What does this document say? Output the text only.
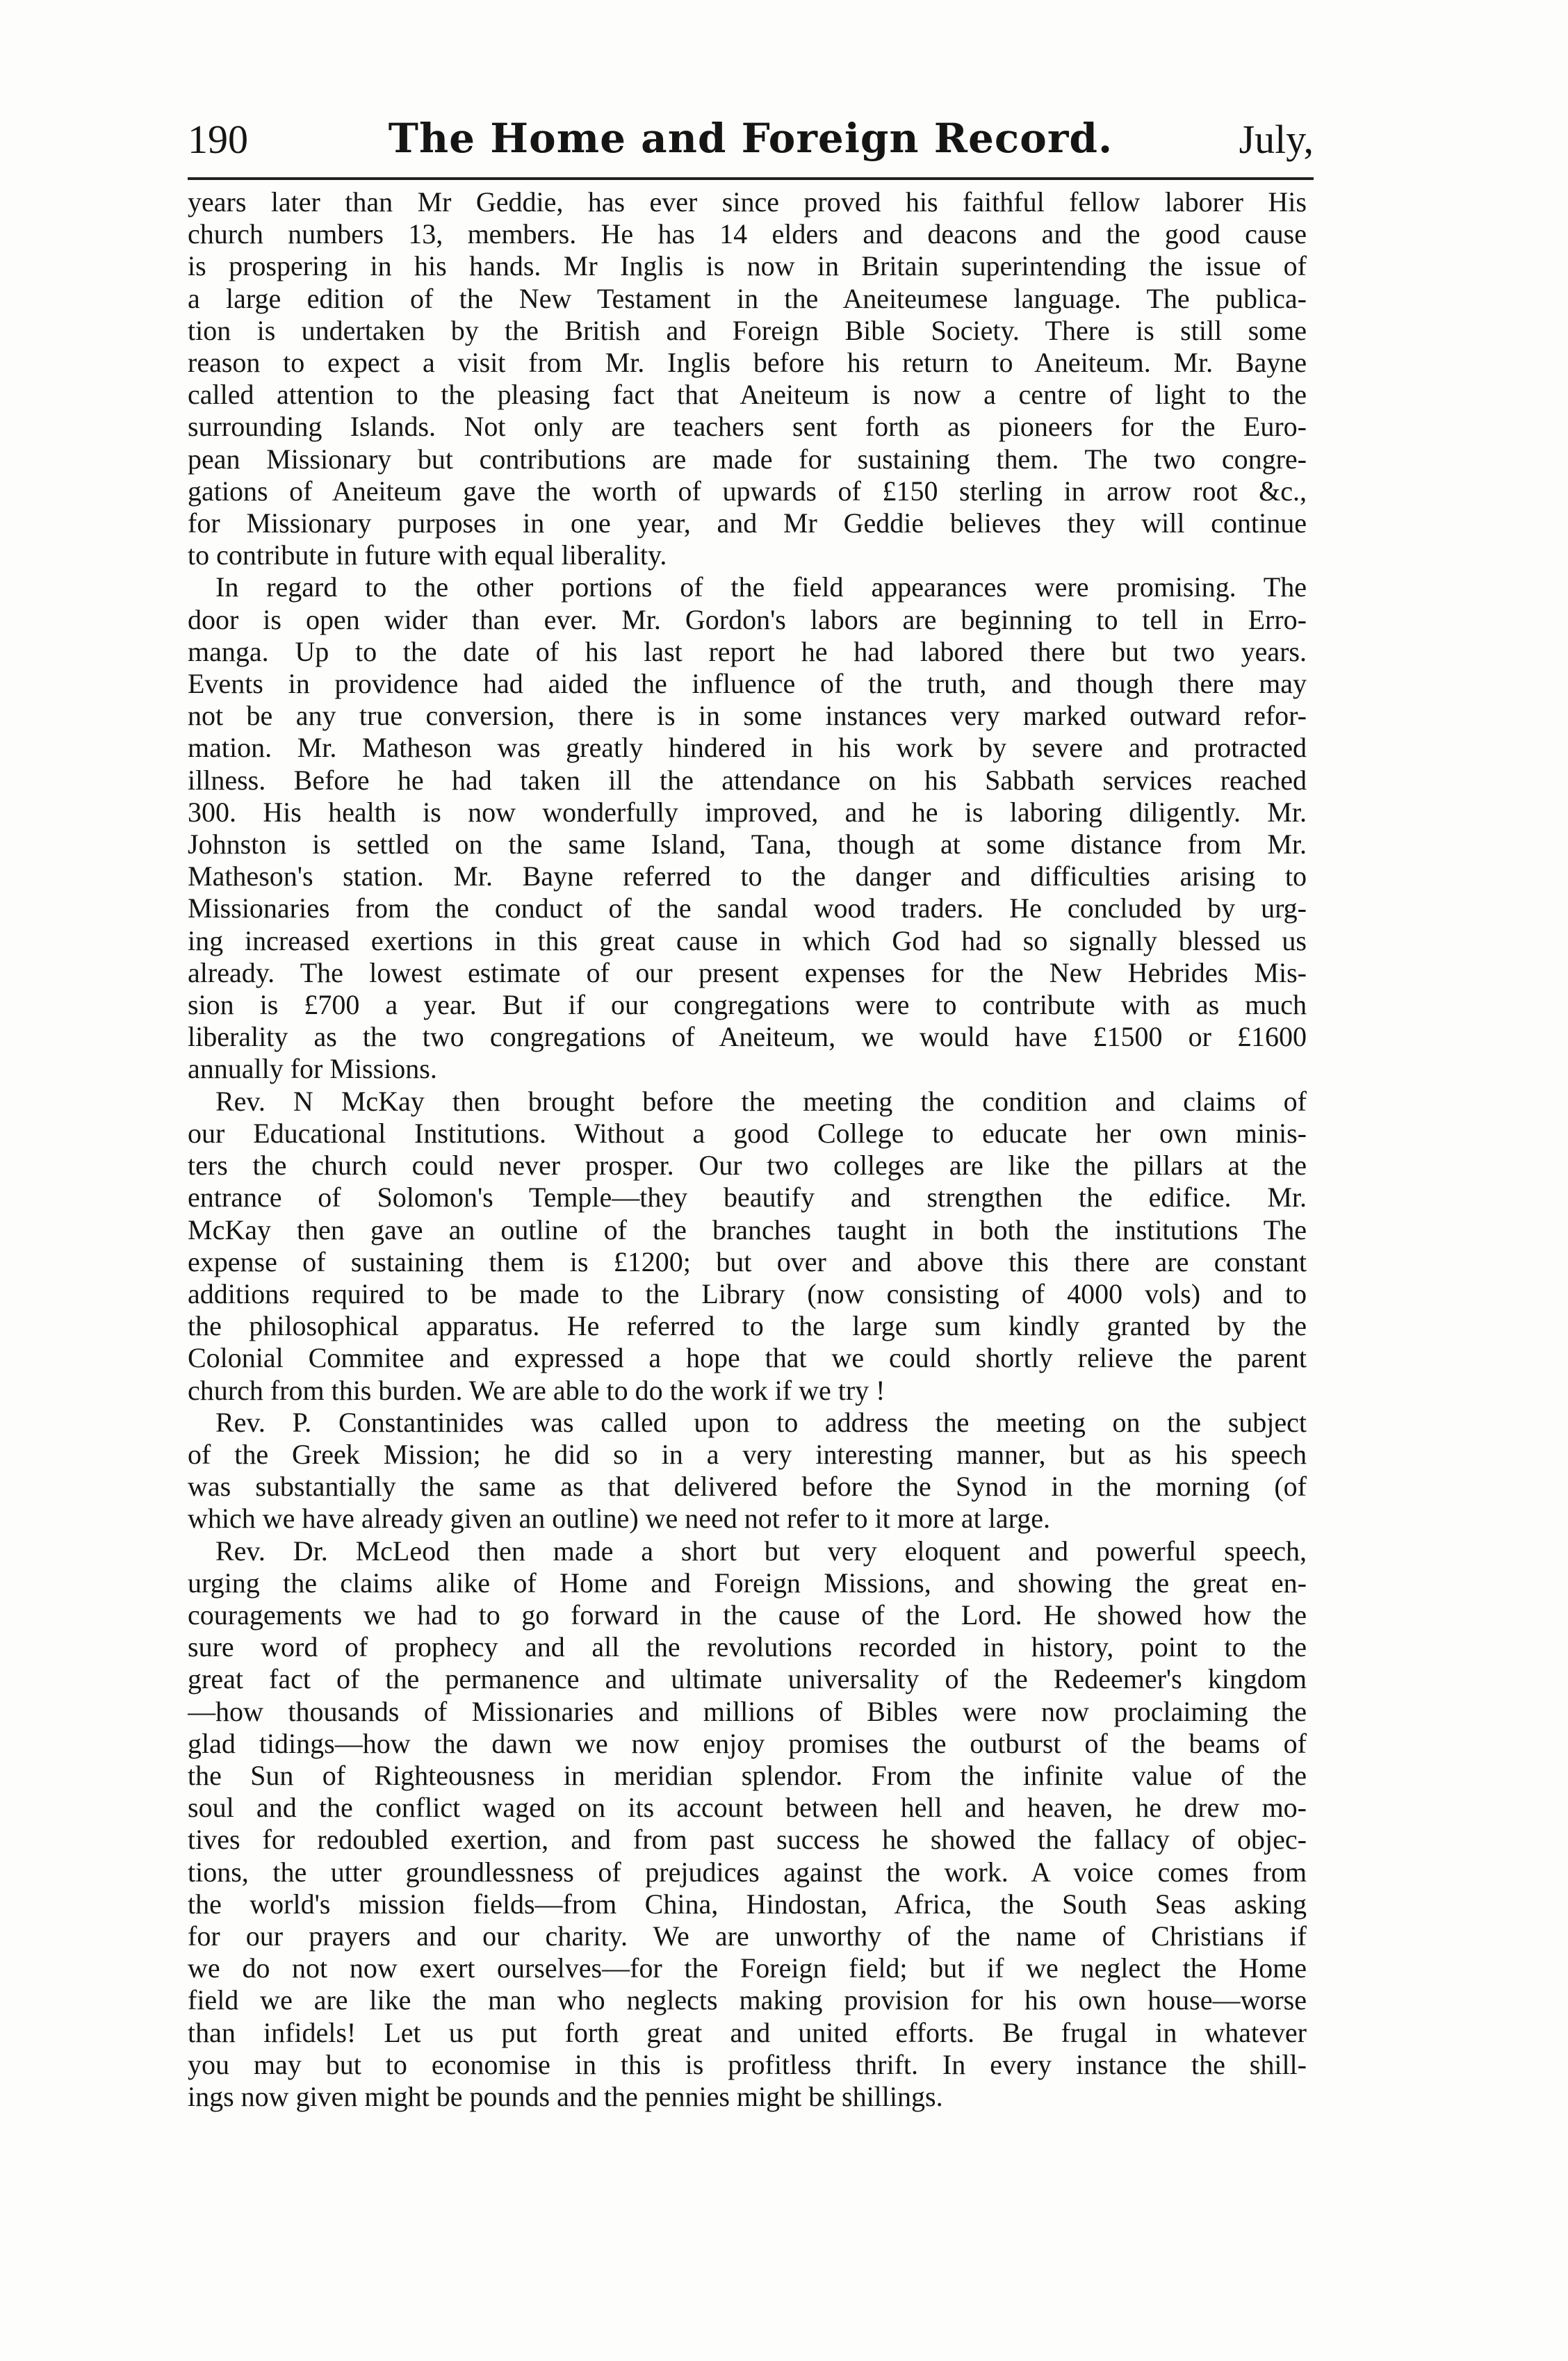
190	The Home and Foreign Record.	July,
years later than Mr Geddie, has ever since proved his faithful fellow laborer His
church numbers 13, members. He has 14 elders and deacons and the good cause
is prospering in his hands. Mr Inglis is now in Britain superintending the issue of
a large edition of the New Testament in the Aneiteumese language. The publica-
tion is undertaken by the British and Foreign Bible Society. There is still some
reason to expect a visit from Mr. Inglis before his return to Aneiteum. Mr. Bayne
called attention to the pleasing fact that Aneiteum is now a centre of light to the
surrounding Islands. Not only are teachers sent forth as pioneers for the Euro-
pean Missionary but contributions are made for sustaining them. The two congre-
gations of Aneiteum gave the worth of upwards of £150 sterling in arrow root &c.,
for Missionary purposes in one year, and Mr Geddie believes they will continue
to contribute in future with equal liberality.
In regard to the other portions of the field appearances were promising. The
door is open wider than ever. Mr. Gordon's labors are beginning to tell in Erro-
manga. Up to the date of his last report he had labored there but two years.
Events in providence had aided the influence of the truth, and though there may
not be any true conversion, there is in some instances very marked outward refor-
mation. Mr. Matheson was greatly hindered in his work by severe and protracted
illness. Before he had taken ill the attendance on his Sabbath services reached
300. His health is now wonderfully improved, and he is laboring diligently. Mr.
Johnston is settled on the same Island, Tana, though at some distance from Mr.
Matheson's station. Mr. Bayne referred to the danger and difficulties arising to
Missionaries from the conduct of the sandal wood traders. He concluded by urg-
ing increased exertions in this great cause in which God had so signally blessed us
already. The lowest estimate of our present expenses for the New Hebrides Mis-
sion is £700 a year. But if our congregations were to contribute with as much
liberality as the two congregations of Aneiteum, we would have £1500 or £1600
annually for Missions.
Rev. N McKay then brought before the meeting the condition and claims of
our Educational Institutions. Without a good College to educate her own minis-
ters the church could never prosper. Our two colleges are like the pillars at the
entrance of Solomon's Temple—they beautify and strengthen the edifice. Mr.
McKay then gave an outline of the branches taught in both the institutions The
expense of sustaining them is £1200; but over and above this there are constant
additions required to be made to the Library (now consisting of 4000 vols) and to
the philosophical apparatus. He referred to the large sum kindly granted by the
Colonial Commitee and expressed a hope that we could shortly relieve the parent
church from this burden. We are able to do the work if we try !
Rev. P. Constantinides was called upon to address the meeting on the subject
of the Greek Mission; he did so in a very interesting manner, but as his speech
was substantially the same as that delivered before the Synod in the morning (of
which we have already given an outline) we need not refer to it more at large.
Rev. Dr. McLeod then made a short but very eloquent and powerful speech,
urging the claims alike of Home and Foreign Missions, and showing the great en-
couragements we had to go forward in the cause of the Lord. He showed how the
sure word of prophecy and all the revolutions recorded in history, point to the
great fact of the permanence and ultimate universality of the Redeemer's kingdom
—how thousands of Missionaries and millions of Bibles were now proclaiming the
glad tidings—how the dawn we now enjoy promises the outburst of the beams of
the Sun of Righteousness in meridian splendor. From the infinite value of the
soul and the conflict waged on its account between hell and heaven, he drew mo-
tives for redoubled exertion, and from past success he showed the fallacy of objec-
tions, the utter groundlessness of prejudices against the work. A voice comes from
the world's mission fields—from China, Hindostan, Africa, the South Seas asking
for our prayers and our charity. We are unworthy of the name of Christians if
we do not now exert ourselves—for the Foreign field; but if we neglect the Home
field we are like the man who neglects making provision for his own house—worse
than infidels! Let us put forth great and united efforts. Be frugal in whatever
you may but to economise in this is profitless thrift. In every instance the shill-
ings now given might be pounds and the pennies might be shillings.
